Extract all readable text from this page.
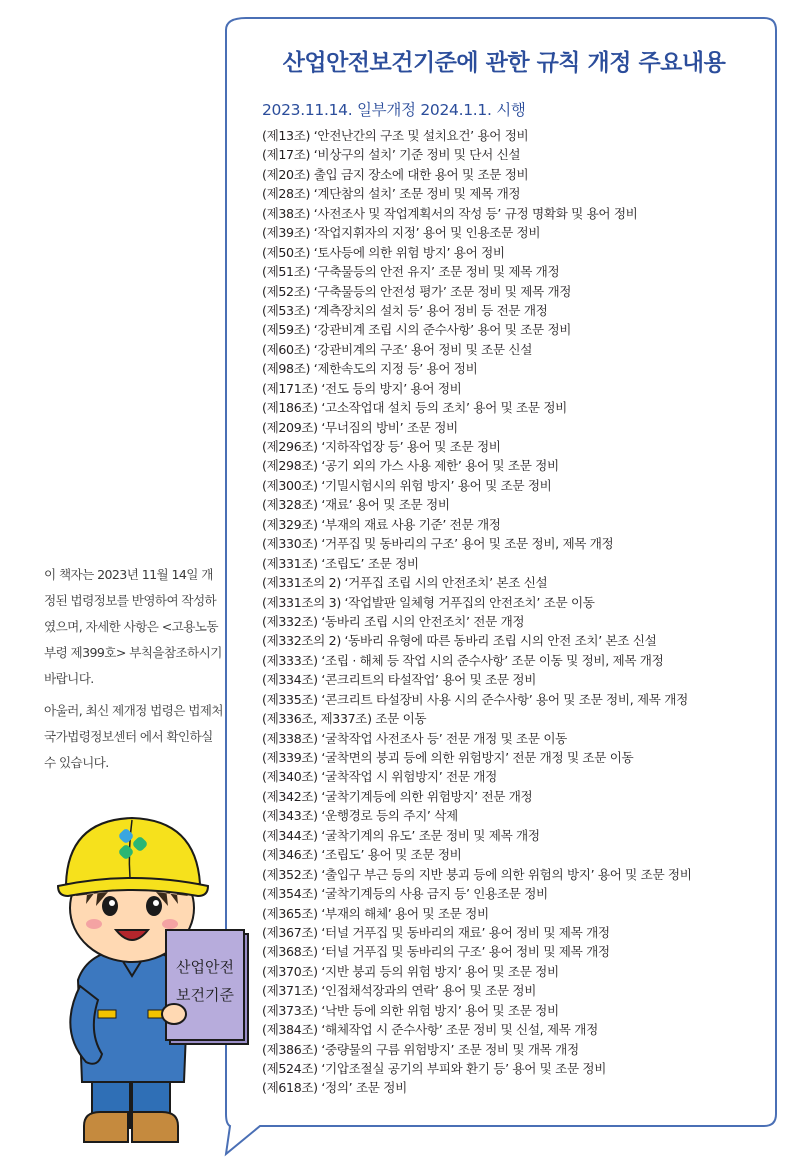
산업안전보건기준에 관한 규칙 개정 주요내용
2023.11.14. 일부개정 2024.1.1. 시행
(제13조) ‘안전난간의 구조 및 설치요건’ 용어 정비
(제17조) ‘비상구의 설치’ 기준 정비 및 단서 신설
(제20조) 출입 금지 장소에 대한 용어 및 조문 정비
(제28조) ‘계단참의 설치’ 조문 정비 및 제목 개정
(제38조) ‘사전조사 및 작업계획서의 작성 등’ 규정 명확화 및 용어 정비
(제39조) ‘작업지휘자의 지정’ 용어 및 인용조문 정비
(제50조) ‘토사등에 의한 위험 방지’ 용어 정비
(제51조) ‘구축물등의 안전 유지’ 조문 정비 및 제목 개정
(제52조) ‘구축물등의 안전성 평가’ 조문 정비 및 제목 개정
(제53조) ‘계측장치의 설치 등’ 용어 정비 등 전문 개정
(제59조) ‘강관비계 조립 시의 준수사항’ 용어 및 조문 정비
(제60조) ‘강관비계의 구조’ 용어 정비 및 조문 신설
(제98조) ‘제한속도의 지정 등’ 용어 정비
(제171조) ‘전도 등의 방지’ 용어 정비
(제186조) ‘고소작업대 설치 등의 조치’ 용어 및 조문 정비
(제209조) ‘무너짐의 방비’ 조문 정비
(제296조) ‘지하작업장 등’ 용어 및 조문 정비
(제298조) ‘공기 외의 가스 사용 제한’ 용어 및 조문 정비
(제300조) ‘기밀시험시의 위험 방지’ 용어 및 조문 정비
(제328조) ‘재료’ 용어 및 조문 정비
(제329조) ‘부재의 재료 사용 기준’ 전문 개정
(제330조) ‘거푸집 및 동바리의 구조’ 용어 및 조문 정비, 제목 개정
(제331조) ‘조립도’ 조문 정비
(제331조의 2) ‘거푸집 조립 시의 안전조치’ 본조 신설
(제331조의 3) ‘작업발판 일체형 거푸집의 안전조치’ 조문 이동
(제332조) ‘동바리 조립 시의 안전조치’ 전문 개정
(제332조의 2) ‘동바리 유형에 따른 동바리 조립 시의 안전 조치’ 본조 신설
(제333조) ‘조립 · 해체 등 작업 시의 준수사항’ 조문 이동 및 정비, 제목 개정
(제334조) ‘콘크리트의 타설작업’ 용어 및 조문 정비
(제335조) ‘콘크리트 타설장비 사용 시의 준수사항’ 용어 및 조문 정비, 제목 개정
(제336조, 제337조) 조문 이동
(제338조) ‘굴착작업 사전조사 등’ 전문 개정 및 조문 이동
(제339조) ‘굴착면의 붕괴 등에 의한 위험방지’ 전문 개정 및 조문 이동
(제340조) ‘굴착작업 시 위험방지’ 전문 개정
(제342조) ‘굴착기계등에 의한 위험방지’ 전문 개정
(제343조) ‘운행경로 등의 주지’ 삭제
(제344조) ‘굴착기계의 유도’ 조문 정비 및 제목 개정
(제346조) ‘조립도’ 용어 및 조문 정비
(제352조) ‘출입구 부근 등의 지반 붕괴 등에 의한 위험의 방지’ 용어 및 조문 정비
(제354조) ‘굴착기계등의 사용 금지 등’ 인용조문 정비
(제365조) ‘부재의 해체’ 용어 및 조문 정비
(제367조) ‘터널 거푸집 및 동바리의 재료’ 용어 정비 및 제목 개정
(제368조) ‘터널 거푸집 및 동바리의 구조’ 용어 정비 및 제목 개정
(제370조) ‘지반 붕괴 등의 위험 방지’ 용어 및 조문 정비
(제371조) ‘인접채석장과의 연락’ 용어 및 조문 정비
(제373조) ‘낙반 등에 의한 위험 방지’ 용어 및 조문 정비
(제384조) ‘해체작업 시 준수사항’ 조문 정비 및 신설, 제목 개정
(제386조) ‘중량물의 구름 위험방지’ 조문 정비 및 개목 개정
(제524조) ‘기압조절실 공기의 부피와 환기 등’ 용어 및 조문 정비
(제618조) ‘정의’ 조문 정비

이 책자는 2023년 11월 14일 개정된 법령정보를 반영하여 작성하였으며, 자세한 사항은 <고용노동부령 제399호> 부칙을참조하시기 바랍니다.

아울러, 최신 제개정 법령은 법제처 국가법령정보센터 에서 확인하실 수 있습니다.

산업안전
보건기준
